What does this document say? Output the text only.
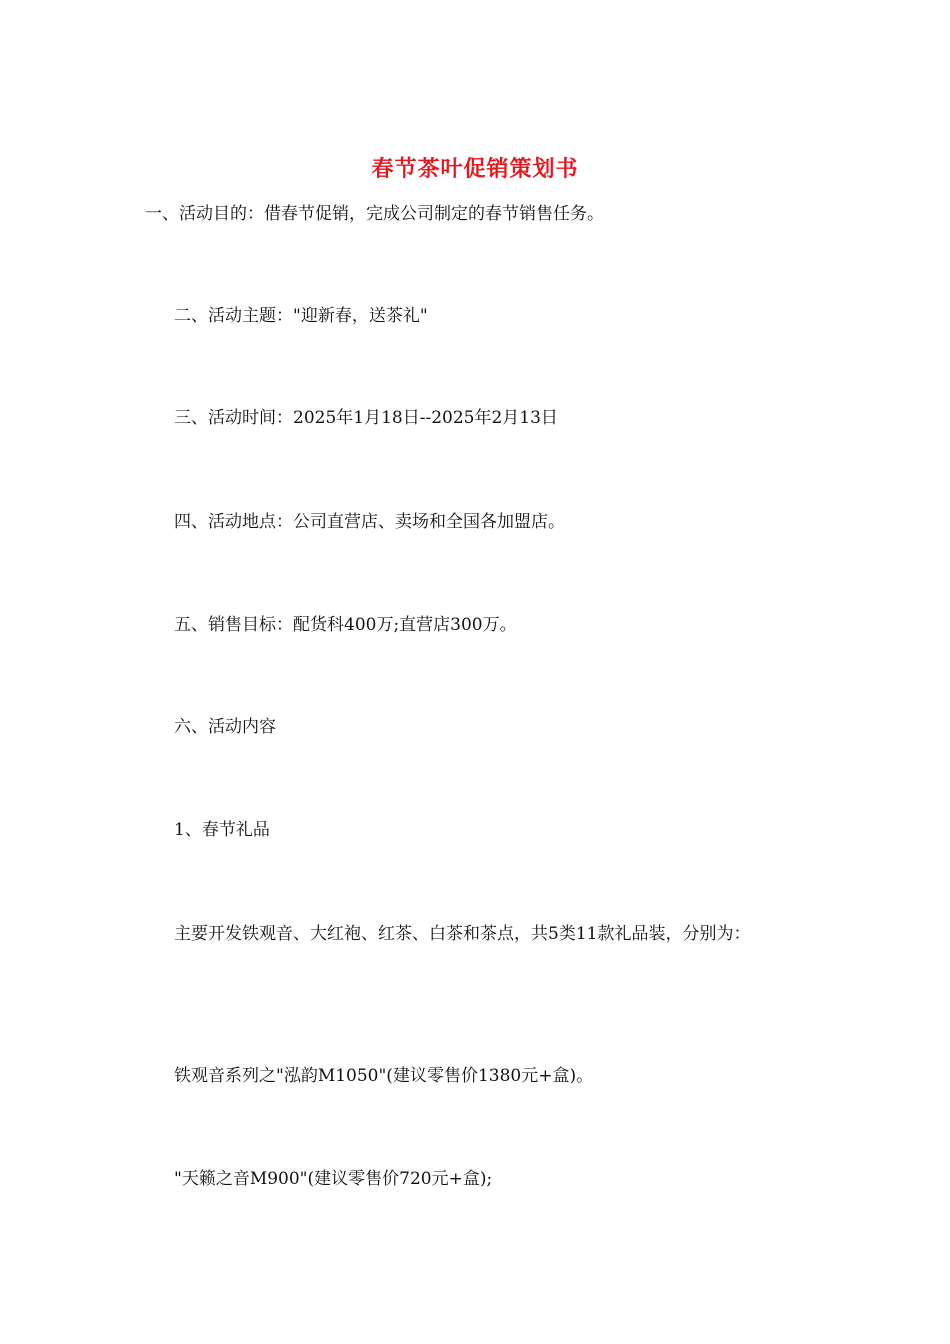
春节茶叶促销策划书
一、活动目的：借春节促销，完成公司制定的春节销售任务。
二、活动主题："迎新春，送茶礼"
三、活动时间：2025年1月18日--2025年2月13日
四、活动地点：公司直营店、卖场和全国各加盟店。
五、销售目标：配货科400万;直营店300万。
六、活动内容
1、春节礼品
主要开发铁观音、大红袍、红茶、白茶和茶点，共5类11款礼品装，分别为：
铁观音系列之"泓韵M1050"(建议零售价1380元+盒)。
"天籁之音M900"(建议零售价720元+盒);
